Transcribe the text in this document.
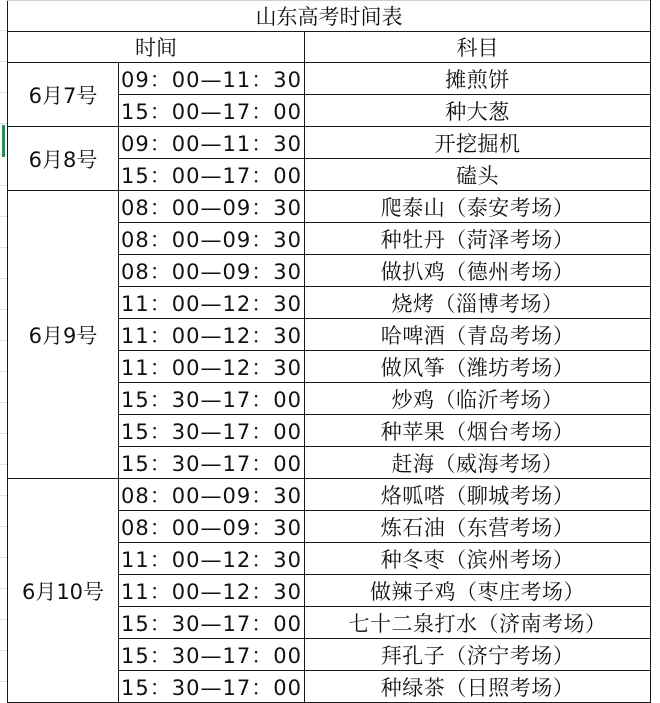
山东高考时间表		
时间		科目
6月7号	09：00—11：30	摊煎饼
	15：00—17：00	种大葱
6月8号	09：00—11：30	开挖掘机
	15：00—17：00	磕头
6月9号	08：00—09：30	爬泰山（泰安考场）
	08：00—09：30	种牡丹（菏泽考场）
	08：00—09：30	做扒鸡（德州考场）
	11：00—12：30	烧烤（淄博考场）
	11：00—12：30	哈啤酒（青岛考场）
	11：00—12：30	做风筝（潍坊考场）
	15：30—17：00	炒鸡（临沂考场）
	15：30—17：00	种苹果（烟台考场）
	15：30—17：00	赶海（威海考场）
6月10号	08：00—09：30	烙呱嗒（聊城考场）
	08：00—09：30	炼石油（东营考场）
	11：00—12：30	种冬枣（滨州考场）
	11：00—12：30	做辣子鸡（枣庄考场）
	15：30—17：00	七十二泉打水（济南考场）
	15：30—17：00	拜孔子（济宁考场）
	15：30—17：00	种绿茶（日照考场）
